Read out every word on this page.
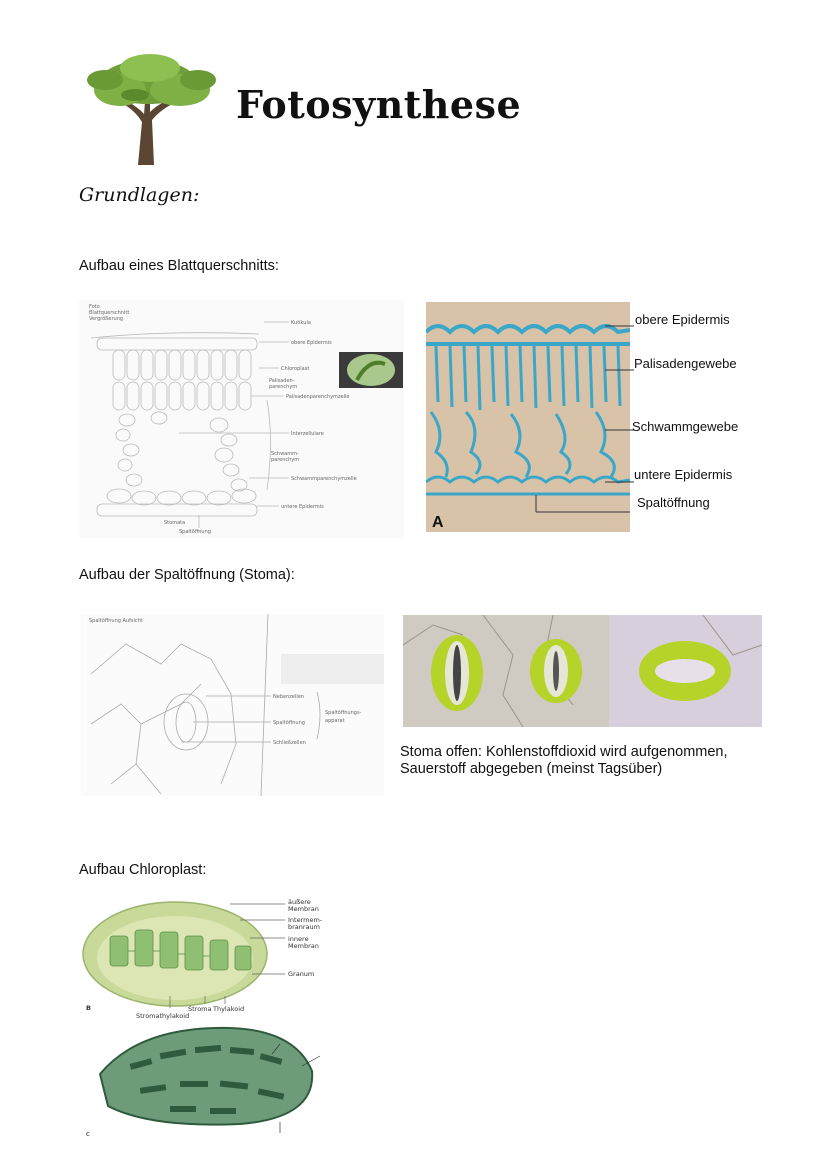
Fotosynthese
Grundlagen:
Aufbau eines Blattquerschnitts:
Foto
Blattquerschnitt
Vergrößerung
Kutikula
obere Epidermis
Chloroplast
Palisaden-
parenchym
Palisadenparenchymzelle
Interzellulare
Schwamm-
parenchym
Schwammparenchymzelle
untere Epidermis
Stomata
Spaltöffnung
A
obere Epidermis
Palisadengewebe
Schwammgewebe
untere Epidermis
Spaltöffnung
Aufbau der Spaltöffnung (Stoma):
Spaltöffnung Aufsicht
Nebenzellen
Spaltöffnung
Schließzellen
Spaltöffnungs-
apparat
Stoma offen: Kohlenstoffdioxid wird aufgenommen, Sauerstoff abgegeben (meinst Tagsüber)
Aufbau Chloroplast:
äußere
Membran
Intermem-
branraum
innere
Membran
Granum
Stroma Thylakoid
Stromathylakoid
B
C
